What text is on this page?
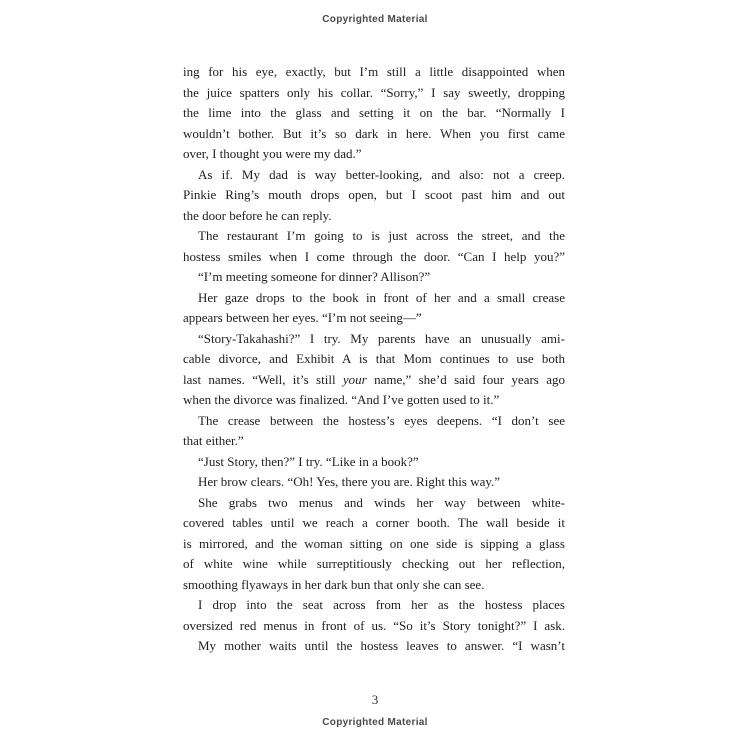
Copyrighted Material
ing for his eye, exactly, but I’m still a little disappointed when
the juice spatters only his collar. “Sorry,” I say sweetly, dropping
the lime into the glass and setting it on the bar. “Normally I
wouldn’t bother. But it’s so dark in here. When you first came
over, I thought you were my dad.”
As if. My dad is way better-looking, and also: not a creep.
Pinkie Ring’s mouth drops open, but I scoot past him and out
the door before he can reply.
The restaurant I’m going to is just across the street, and the
hostess smiles when I come through the door. “Can I help you?”
“I’m meeting someone for dinner? Allison?”
Her gaze drops to the book in front of her and a small crease
appears between her eyes. “I’m not seeing—”
“Story-Takahashi?” I try. My parents have an unusually ami-
cable divorce, and Exhibit A is that Mom continues to use both
last names. “Well, it’s still your name,” she’d said four years ago
when the divorce was finalized. “And I’ve gotten used to it.”
The crease between the hostess’s eyes deepens. “I don’t see
that either.”
“Just Story, then?” I try. “Like in a book?”
Her brow clears. “Oh! Yes, there you are. Right this way.”
She grabs two menus and winds her way between white-
covered tables until we reach a corner booth. The wall beside it
is mirrored, and the woman sitting on one side is sipping a glass
of white wine while surreptitiously checking out her reflection,
smoothing flyaways in her dark bun that only she can see.
I drop into the seat across from her as the hostess places
oversized red menus in front of us. “So it’s Story tonight?” I ask.
My mother waits until the hostess leaves to answer. “I wasn’t
3
Copyrighted Material
